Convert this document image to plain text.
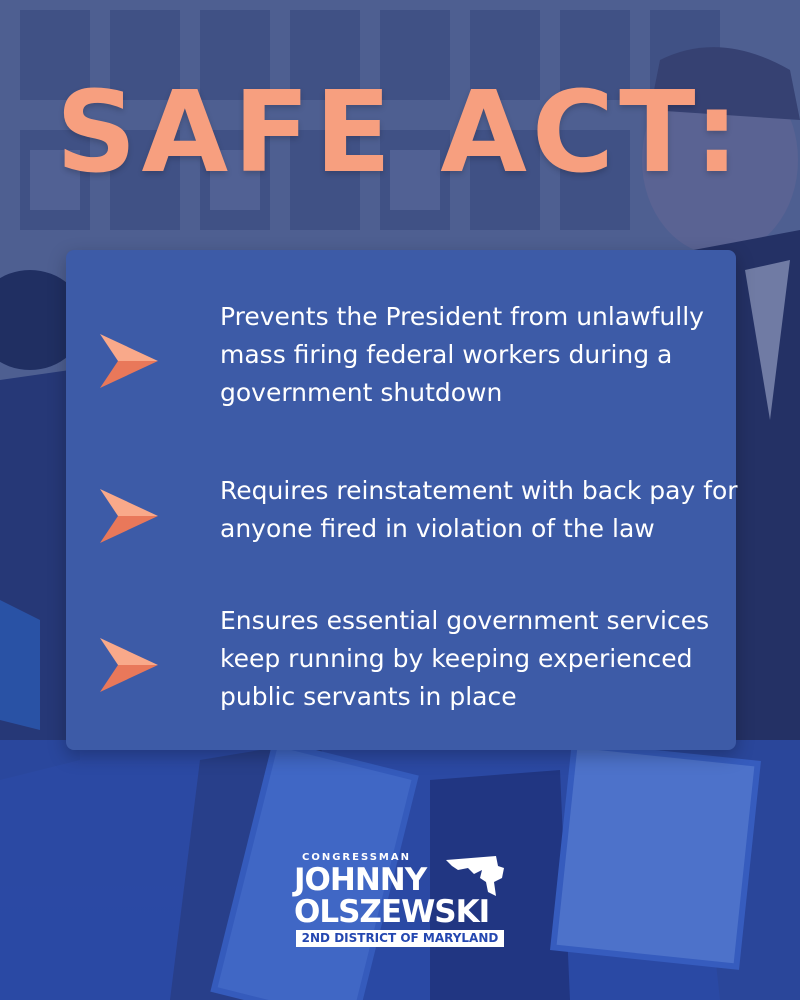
SAFE ACT:
Prevents the President from unlawfully mass firing federal workers during a government shutdown
Requires reinstatement with back pay for anyone fired in violation of the law
Ensures essential government services keep running by keeping experienced public servants in place
CONGRESSMAN
JOHNNY
OLSZEWSKI
2ND DISTRICT OF MARYLAND
